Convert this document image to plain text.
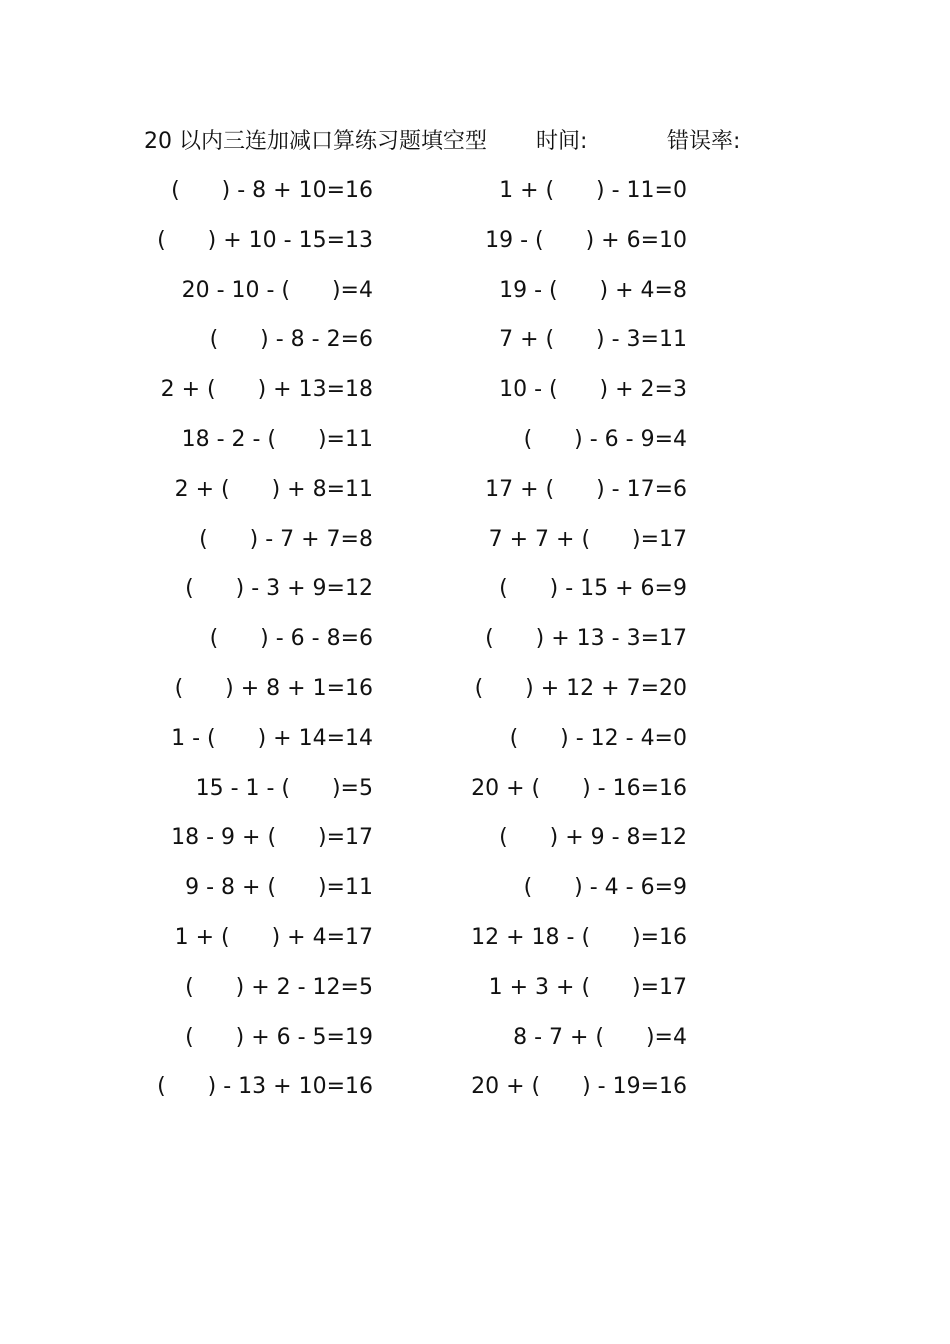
20 以内三连加减口算练习题填空型 时间:	错误率:
(      ) - 8 + 10=16
(      ) + 10 - 15=13
20 - 10 - (      )=4
(      ) - 8 - 2=6
2 + (      ) + 13=18
18 - 2 - (      )=11
2 + (      ) + 8=11
(      ) - 7 + 7=8
(      ) - 3 + 9=12
(      ) - 6 - 8=6
(      ) + 8 + 1=16
1 - (      ) + 14=14
15 - 1 - (      )=5
18 - 9 + (      )=17
9 - 8 + (      )=11
1 + (      ) + 4=17
(      ) + 2 - 12=5
(      ) + 6 - 5=19
(      ) - 13 + 10=16
1 + (      ) - 11=0
19 - (      ) + 6=10
19 - (      ) + 4=8
7 + (      ) - 3=11
10 - (      ) + 2=3
(      ) - 6 - 9=4
17 + (      ) - 17=6
7 + 7 + (      )=17
(      ) - 15 + 6=9
(      ) + 13 - 3=17
(      ) + 12 + 7=20
(      ) - 12 - 4=0
20 + (      ) - 16=16
(      ) + 9 - 8=12
(      ) - 4 - 6=9
12 + 18 - (      )=16
1 + 3 + (      )=17
8 - 7 + (      )=4
20 + (      ) - 19=16
